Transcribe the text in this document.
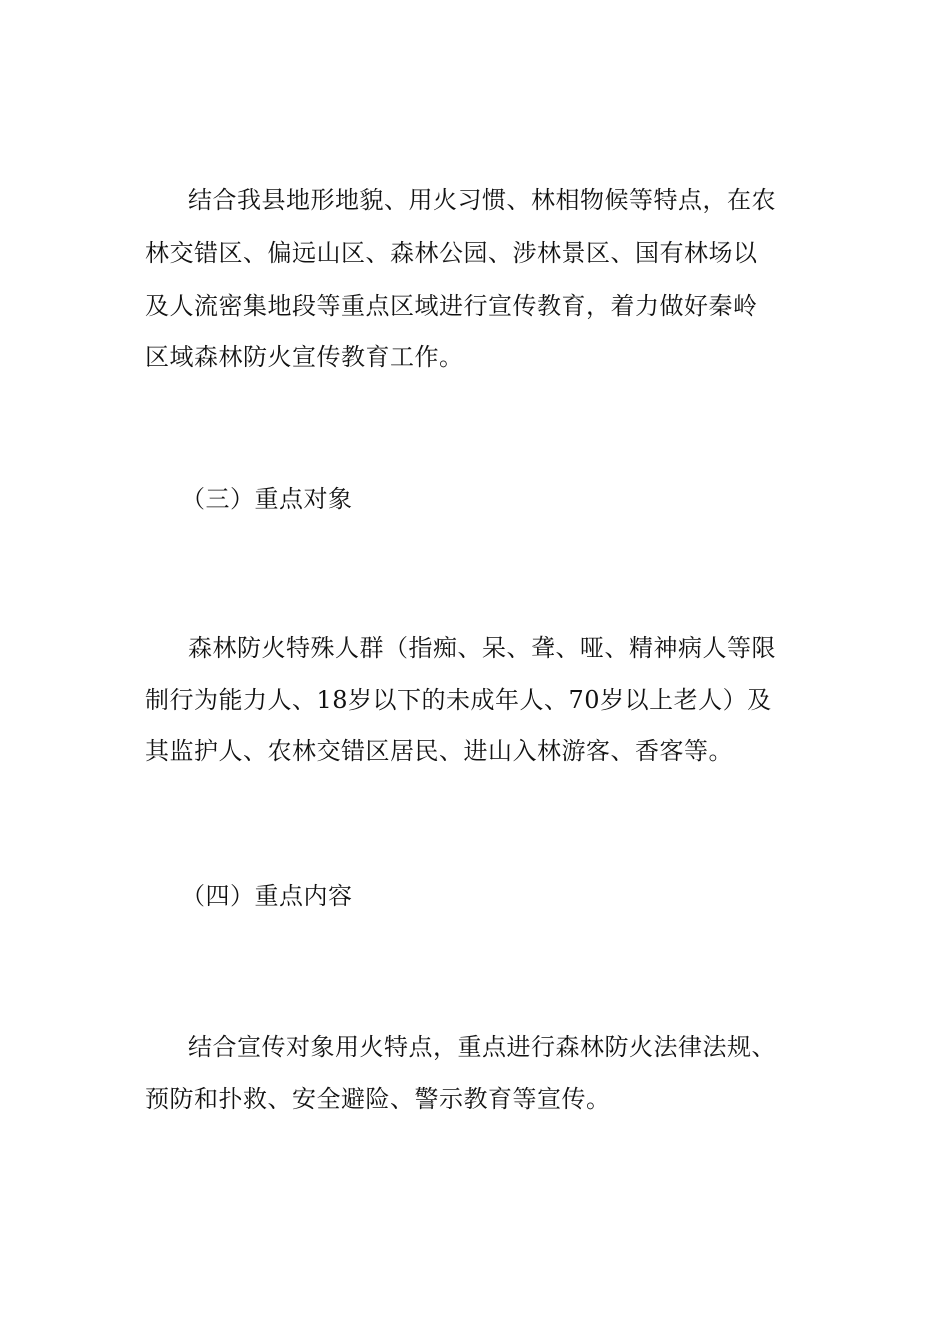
结合我县地形地貌、用火习惯、林相物候等特点，在农
林交错区、偏远山区、森林公园、涉林景区、国有林场以
及人流密集地段等重点区域进行宣传教育，着力做好秦岭
区域森林防火宣传教育工作。
（三）重点对象
森林防火特殊人群（指痴、呆、聋、哑、精神病人等限
制行为能力人、18岁以下的未成年人、70岁以上老人）及
其监护人、农林交错区居民、进山入林游客、香客等。
（四）重点内容
结合宣传对象用火特点，重点进行森林防火法律法规、
预防和扑救、安全避险、警示教育等宣传。
